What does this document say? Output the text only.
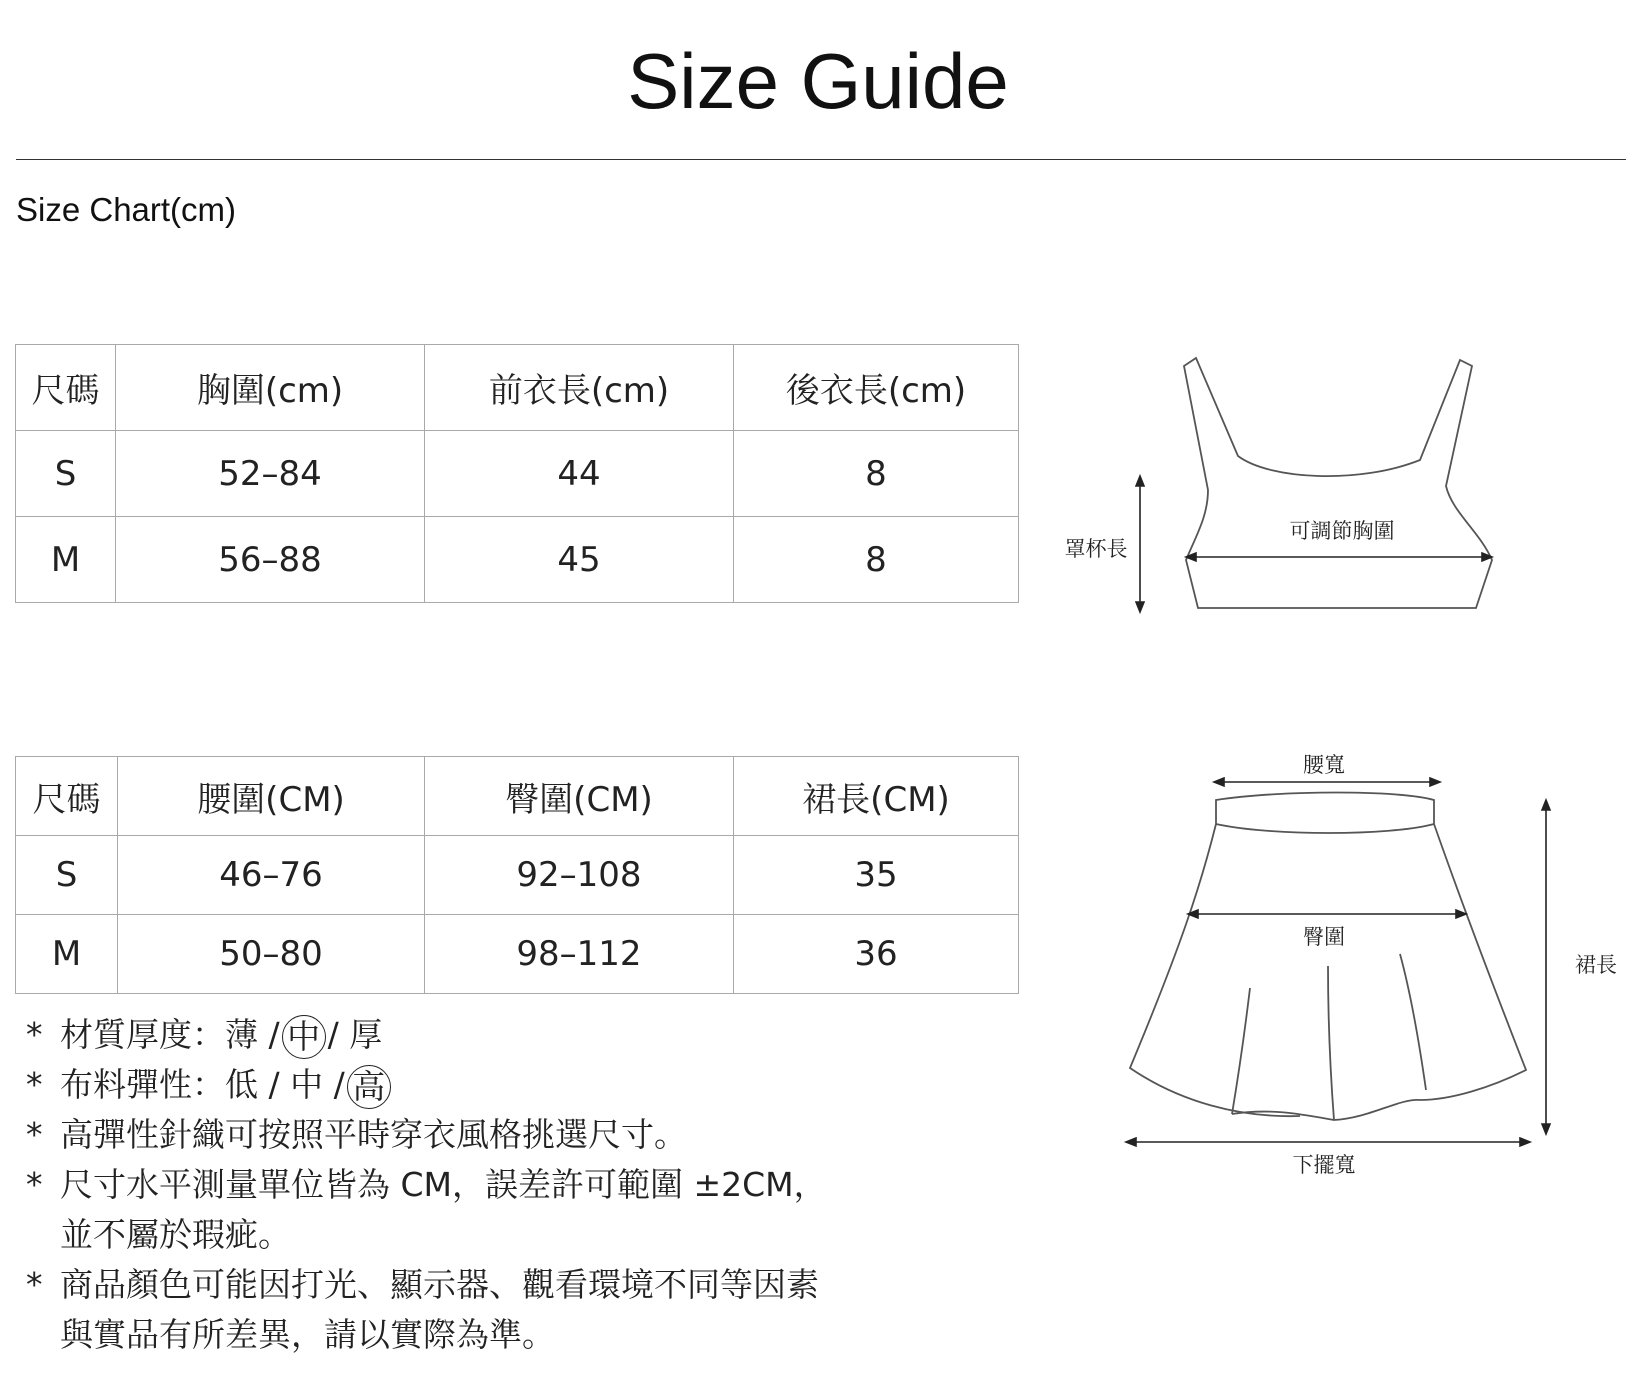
Size Guide
Size Chart(cm)
尺碼	胸圍(cm)	前衣長(cm)	後衣長(cm)
S	52–84	44	8
M	56–88	45	8
尺碼	腰圍(CM)	臀圍(CM)	裙長(CM)
S	46–76	92–108	35
M	50–80	98–112	36
* 材質厚度：薄 / 中 / 厚
* 布料彈性：低 / 中 / 高
* 高彈性針織可按照平時穿衣風格挑選尺寸。
* 尺寸水平測量單位皆為 CM，誤差許可範圍 ±2CM，
並不屬於瑕疵。
* 商品顏色可能因打光、顯示器、觀看環境不同等因素
與實品有所差異，請以實際為準。
罩杯長
可調節胸圍
腰寬
臀圍
裙長
下擺寬
